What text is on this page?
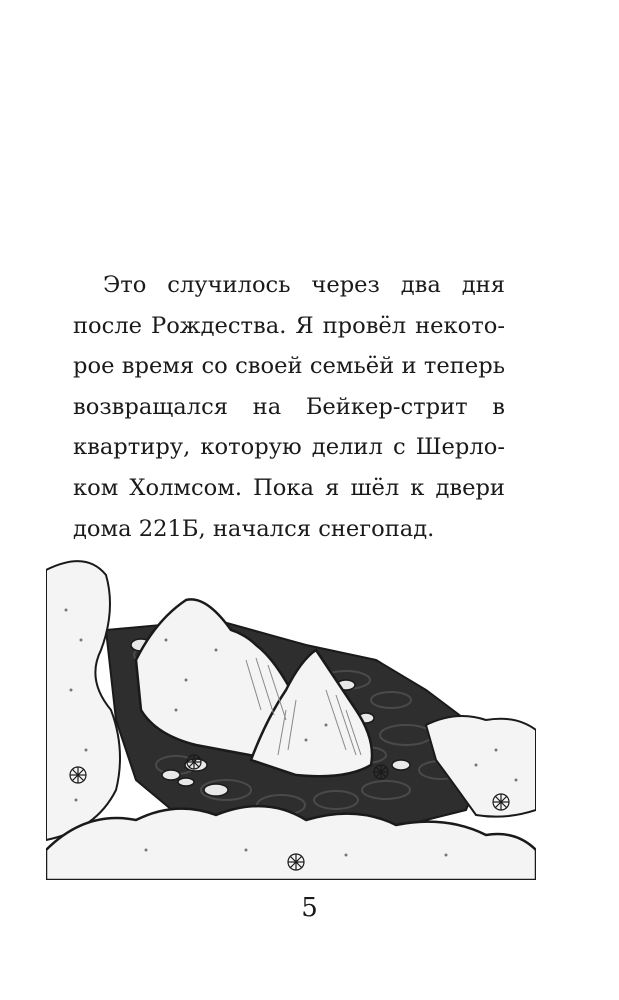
Это случилось через два дня
после Рождества. Я провёл некото-
рое время со своей семьёй и теперь
возвращался на Бейкер-стрит в
квартиру, которую делил с Шерло-
ком Холмсом. Пока я шёл к двери
дома 221Б, начался снегопад.
5
